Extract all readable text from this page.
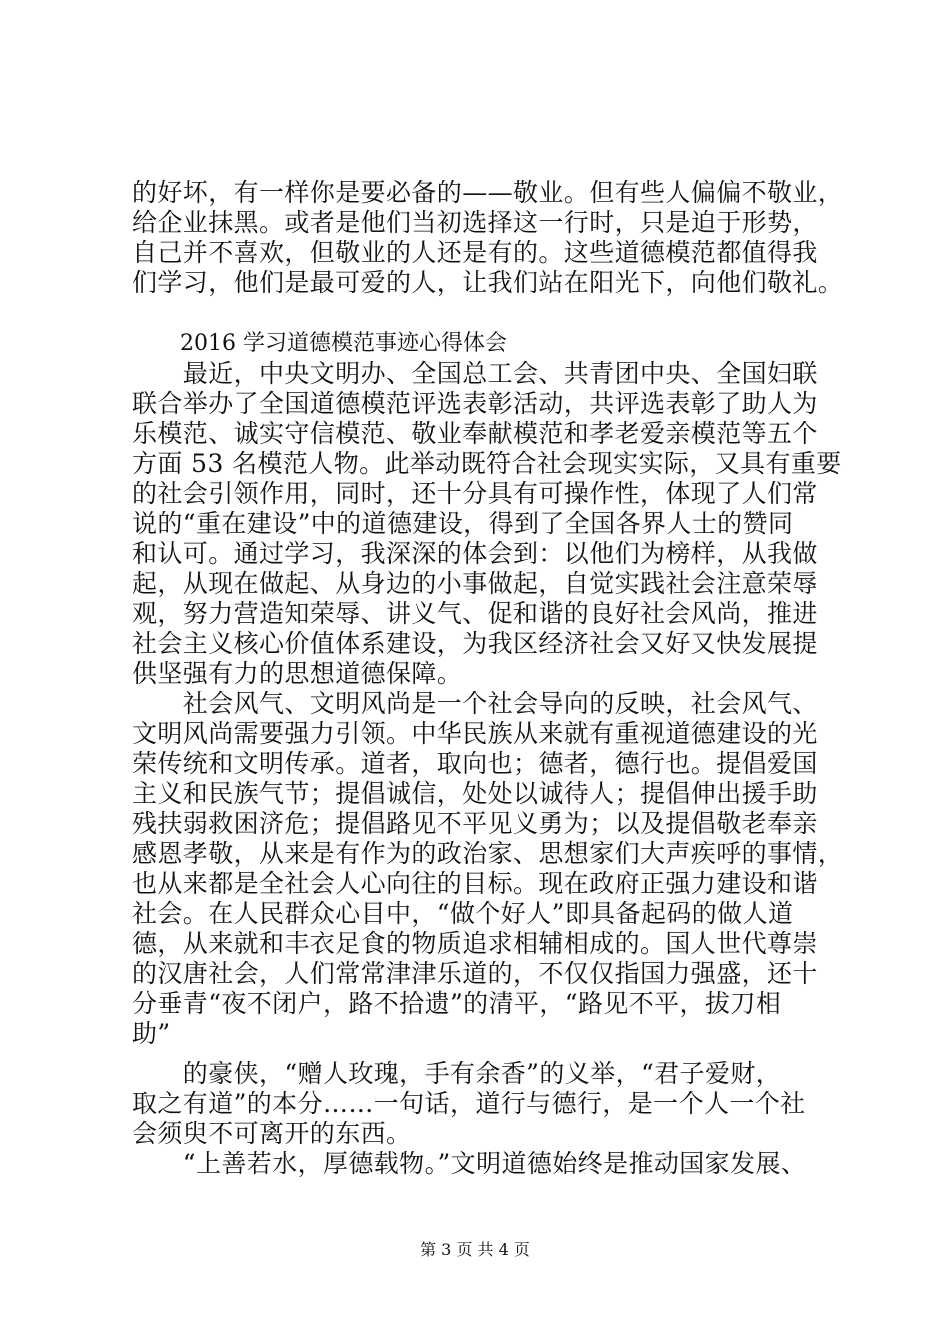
的好坏，有一样你是要必备的——敬业。但有些人偏偏不敬业，
给企业抹黑。或者是他们当初选择这一行时，只是迫于形势，
自己并不喜欢，但敬业的人还是有的。这些道德模范都值得我
们学习，他们是最可爱的人，让我们站在阳光下，向他们敬礼。
2016 学习道德模范事迹心得体会
　　最近，中央文明办、全国总工会、共青团中央、全国妇联
联合举办了全国道德模范评选表彰活动，共评选表彰了助人为
乐模范、诚实守信模范、敬业奉献模范和孝老爱亲模范等五个
方面 53 名模范人物。此举动既符合社会现实实际，又具有重要
的社会引领作用，同时，还十分具有可操作性，体现了人们常
说的“重在建设”中的道德建设，得到了全国各界人士的赞同
和认可。通过学习，我深深的体会到：以他们为榜样，从我做
起，从现在做起、从身边的小事做起，自觉实践社会注意荣辱
观，努力营造知荣辱、讲义气、促和谐的良好社会风尚，推进
社会主义核心价值体系建设，为我区经济社会又好又快发展提
供坚强有力的思想道德保障。
　　社会风气、文明风尚是一个社会导向的反映，社会风气、
文明风尚需要强力引领。中华民族从来就有重视道德建设的光
荣传统和文明传承。道者，取向也；德者，德行也。提倡爱国
主义和民族气节；提倡诚信，处处以诚待人；提倡伸出援手助
残扶弱救困济危；提倡路见不平见义勇为；以及提倡敬老奉亲
感恩孝敬，从来是有作为的政治家、思想家们大声疾呼的事情，
也从来都是全社会人心向往的目标。现在政府正强力建设和谐
社会。在人民群众心目中，“做个好人”即具备起码的做人道
德，从来就和丰衣足食的物质追求相辅相成的。国人世代尊崇
的汉唐社会，人们常常津津乐道的，不仅仅指国力强盛，还十
分垂青“夜不闭户，路不拾遗”的清平，“路见不平，拔刀相
助”
　　的豪侠，“赠人玫瑰，手有余香”的义举，“君子爱财，
取之有道”的本分……一句话，道行与德行，是一个人一个社
会须臾不可离开的东西。
　　“上善若水，厚德载物。”文明道德始终是推动国家发展、
第 3 页 共 4 页
